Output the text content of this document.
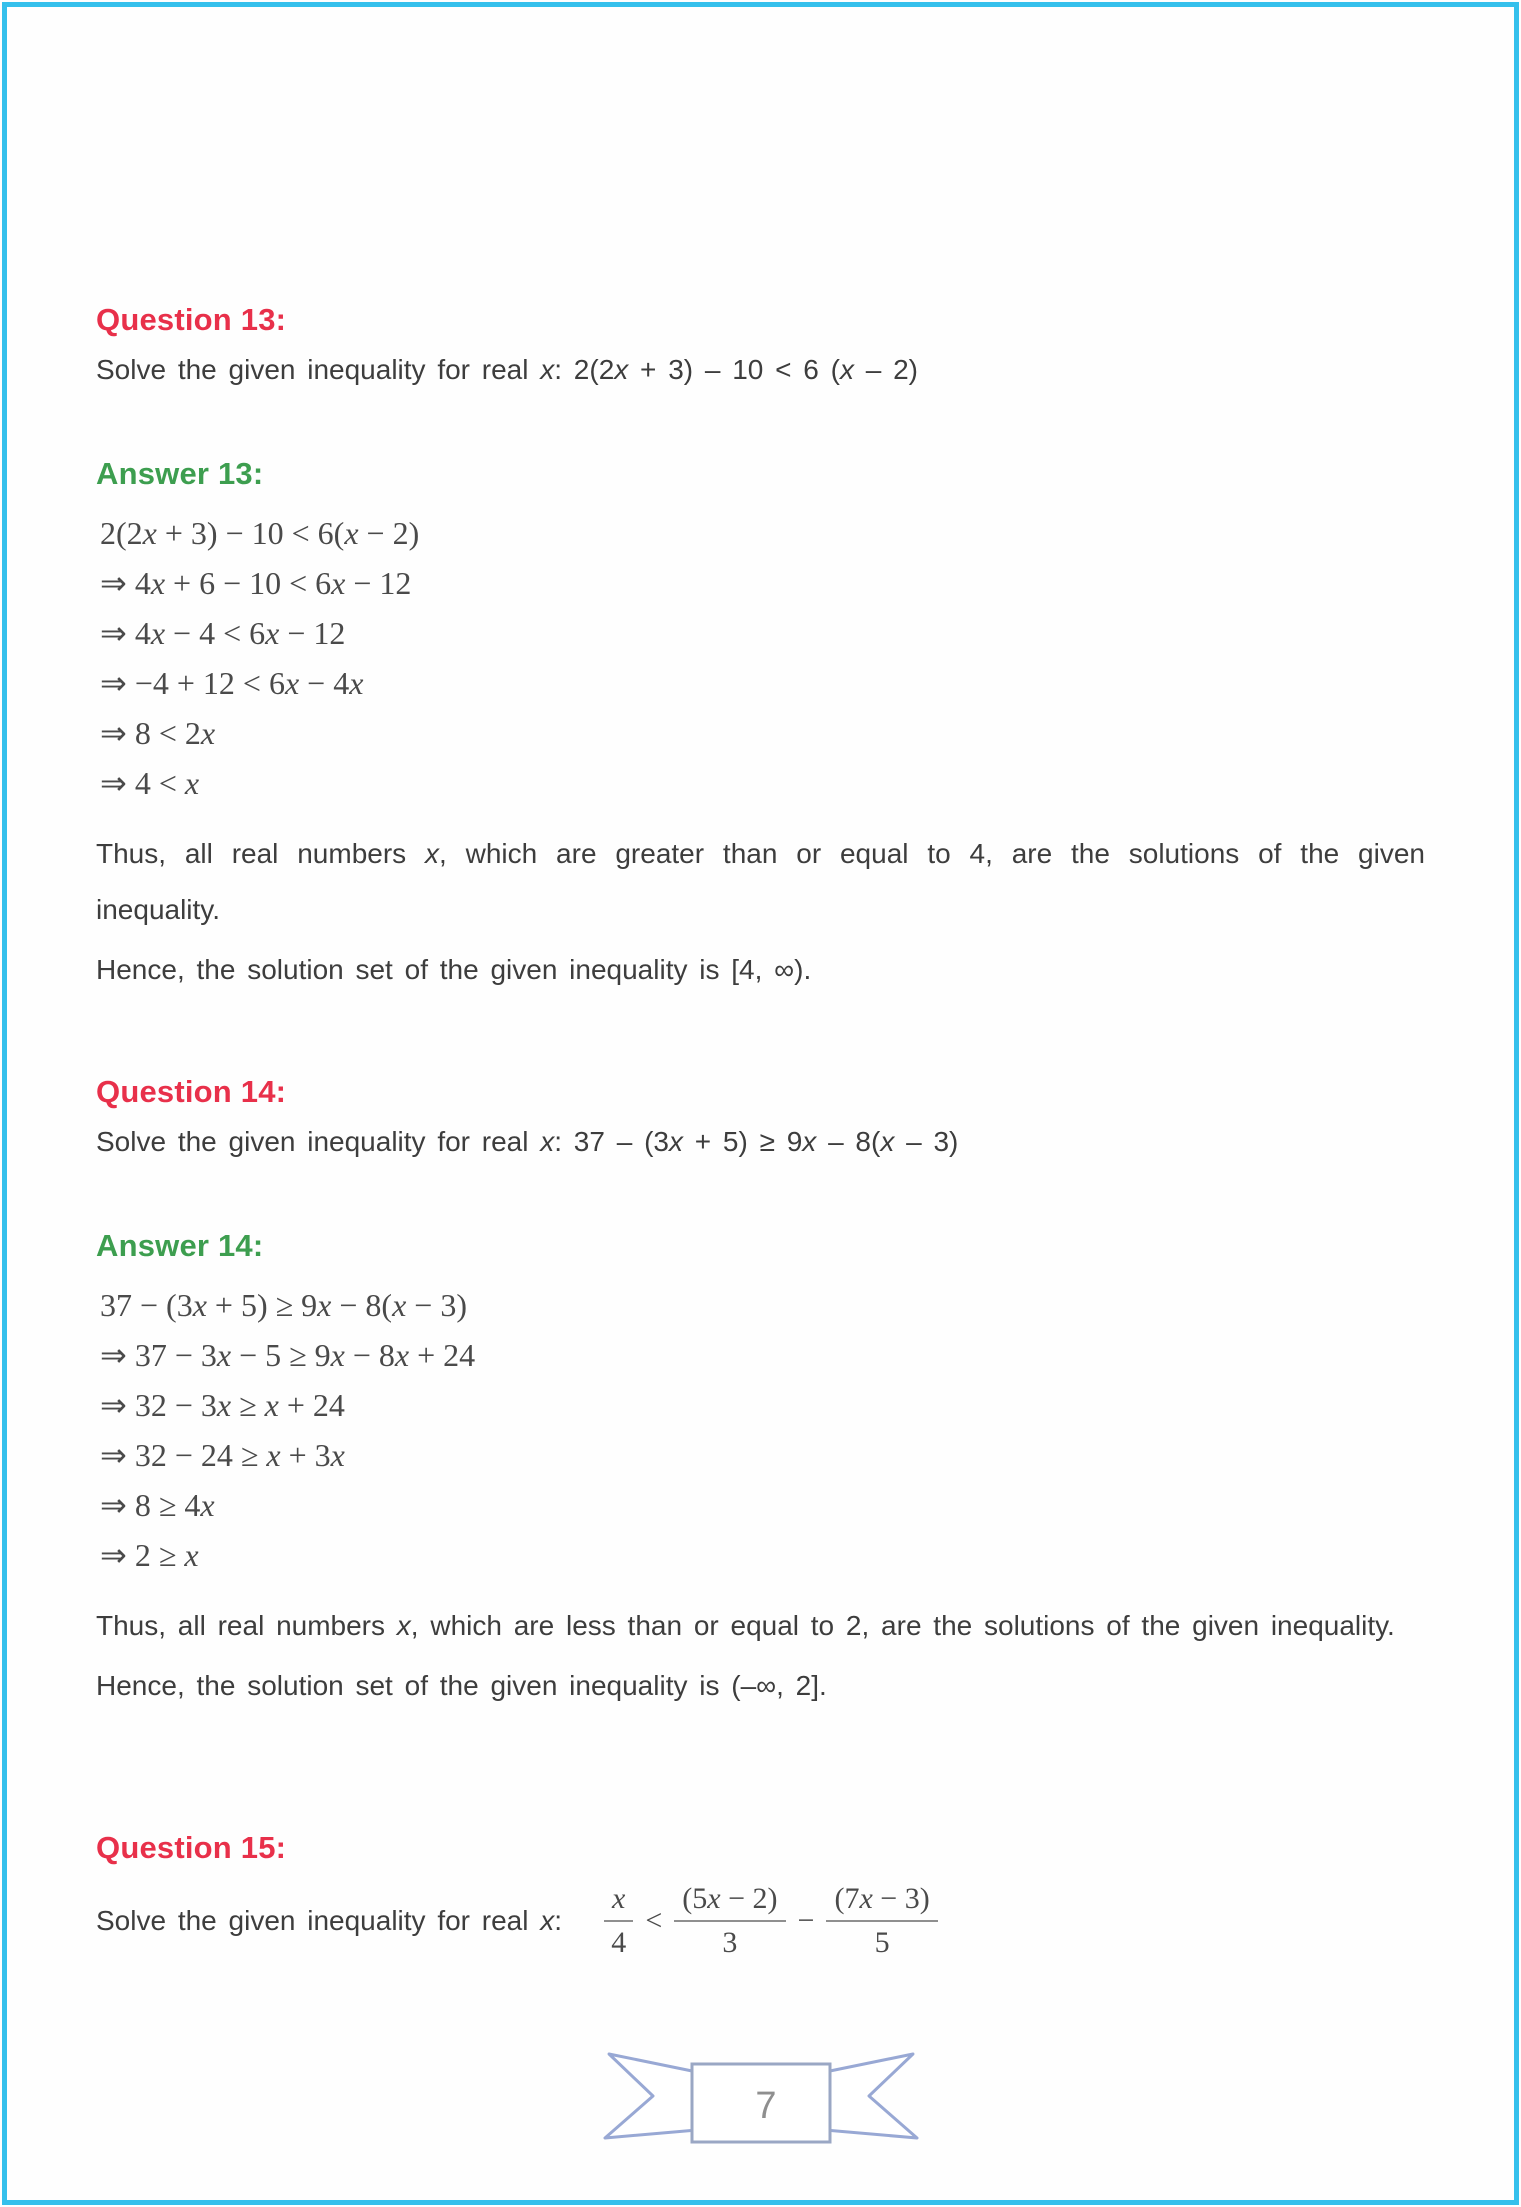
Question 13:

Solve the given inequality for real x: 2(2x + 3) – 10 < 6 (x – 2)

Answer 13:
2(2x + 3) − 10 < 6(x − 2)
⇒ 4x + 6 − 10 < 6x − 12
⇒ 4x − 4 < 6x − 12
⇒ −4 + 12 < 6x − 4x
⇒ 8 < 2x
⇒ 4 < x

Thus, all real numbers x, which are greater than or equal to 4, are the solutions of the given inequality.

Hence, the solution set of the given inequality is [4, ∞).

Question 14:

Solve the given inequality for real x: 37 – (3x + 5) ≥ 9x – 8(x – 3)

Answer 14:
37 − (3x + 5) ≥ 9x − 8(x − 3)
⇒ 37 − 3x − 5 ≥ 9x − 8x + 24
⇒ 32 − 3x ≥ x + 24
⇒ 32 − 24 ≥ x + 3x
⇒ 8 ≥ 4x
⇒ 2 ≥ x

Thus, all real numbers x, which are less than or equal to 2, are the solutions of the given inequality.

Hence, the solution set of the given inequality is (–∞, 2].

Question 15:

Solve the given inequality for real x: $\frac{x}{4} < \frac{(5x - 2)}{3} - \frac{(7x - 3)}{5}$
7
